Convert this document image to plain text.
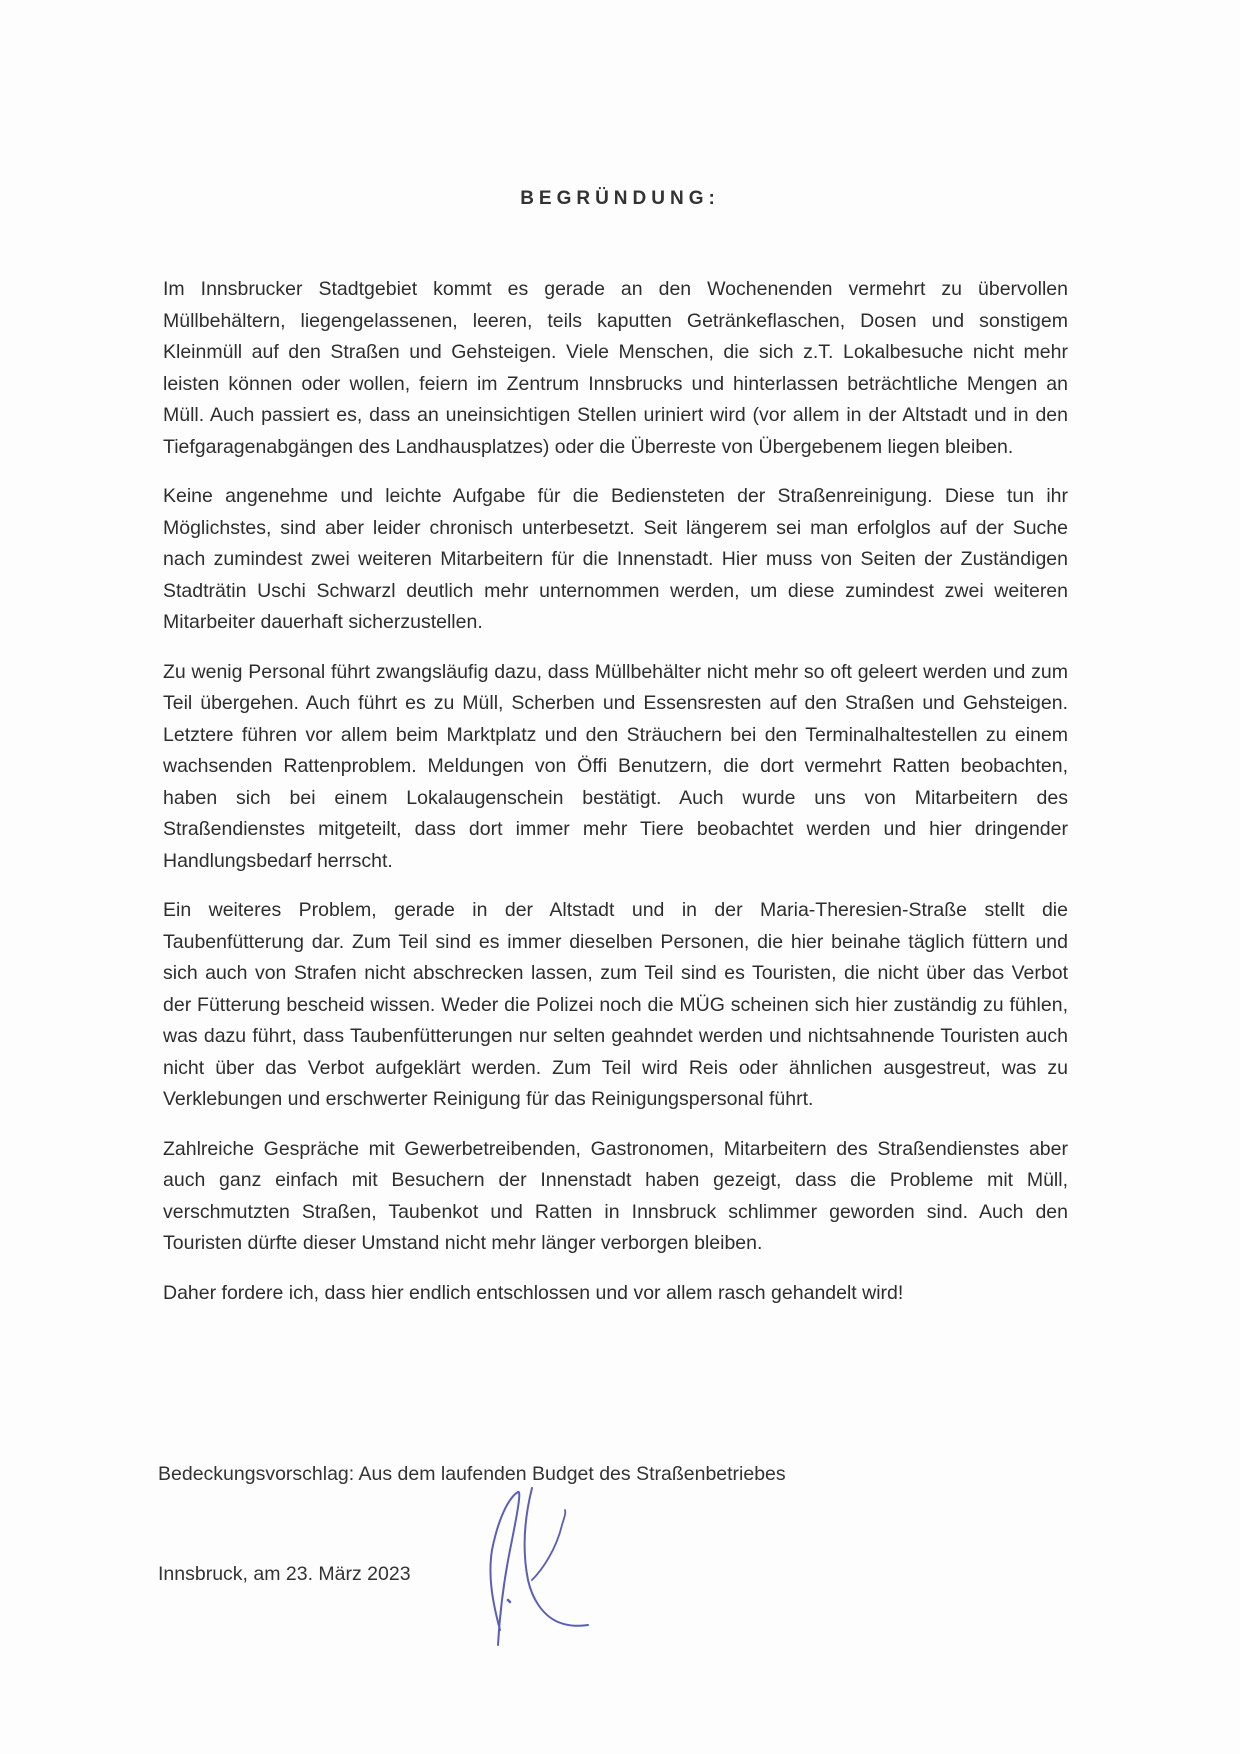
BEGRÜNDUNG:

Im Innsbrucker Stadtgebiet kommt es gerade an den Wochenenden vermehrt zu übervollen Müllbehältern, liegengelassenen, leeren, teils kaputten Getränkeflaschen, Dosen und sonstigem Kleinmüll auf den Straßen und Gehsteigen. Viele Menschen, die sich z.T. Lokalbesuche nicht mehr leisten können oder wollen, feiern im Zentrum Innsbrucks und hinterlassen beträchtliche Mengen an Müll. Auch passiert es, dass an uneinsichtigen Stellen uriniert wird (vor allem in der Altstadt und in den Tiefgaragenabgängen des Landhausplatzes) oder die Überreste von Übergebenem liegen bleiben.

Keine angenehme und leichte Aufgabe für die Bediensteten der Straßenreinigung. Diese tun ihr Möglichstes, sind aber leider chronisch unterbesetzt. Seit längerem sei man erfolglos auf der Suche nach zumindest zwei weiteren Mitarbeitern für die Innenstadt. Hier muss von Seiten der Zuständigen Stadträtin Uschi Schwarzl deutlich mehr unternommen werden, um diese zumindest zwei weiteren Mitarbeiter dauerhaft sicherzustellen.

Zu wenig Personal führt zwangsläufig dazu, dass Müllbehälter nicht mehr so oft geleert werden und zum Teil übergehen. Auch führt es zu Müll, Scherben und Essensresten auf den Straßen und Gehsteigen. Letztere führen vor allem beim Marktplatz und den Sträuchern bei den Terminalhaltestellen zu einem wachsenden Rattenproblem. Meldungen von Öffi Benutzern, die dort vermehrt Ratten beobachten, haben sich bei einem Lokalaugenschein bestätigt. Auch wurde uns von Mitarbeitern des Straßendienstes mitgeteilt, dass dort immer mehr Tiere beobachtet werden und hier dringender Handlungsbedarf herrscht.

Ein weiteres Problem, gerade in der Altstadt und in der Maria-Theresien-Straße stellt die Taubenfütterung dar. Zum Teil sind es immer dieselben Personen, die hier beinahe täglich füttern und sich auch von Strafen nicht abschrecken lassen, zum Teil sind es Touristen, die nicht über das Verbot der Fütterung bescheid wissen. Weder die Polizei noch die MÜG scheinen sich hier zuständig zu fühlen, was dazu führt, dass Taubenfütterungen nur selten geahndet werden und nichtsahnende Touristen auch nicht über das Verbot aufgeklärt werden. Zum Teil wird Reis oder ähnlichen ausgestreut, was zu Verklebungen und erschwerter Reinigung für das Reinigungspersonal führt.

Zahlreiche Gespräche mit Gewerbetreibenden, Gastronomen, Mitarbeitern des Straßendienstes aber auch ganz einfach mit Besuchern der Innenstadt haben gezeigt, dass die Probleme mit Müll, verschmutzten Straßen, Taubenkot und Ratten in Innsbruck schlimmer geworden sind. Auch den Touristen dürfte dieser Umstand nicht mehr länger verborgen bleiben.

Daher fordere ich, dass hier endlich entschlossen und vor allem rasch gehandelt wird!

Bedeckungsvorschlag: Aus dem laufenden Budget des Straßenbetriebes
Innsbruck, am 23. März 2023
